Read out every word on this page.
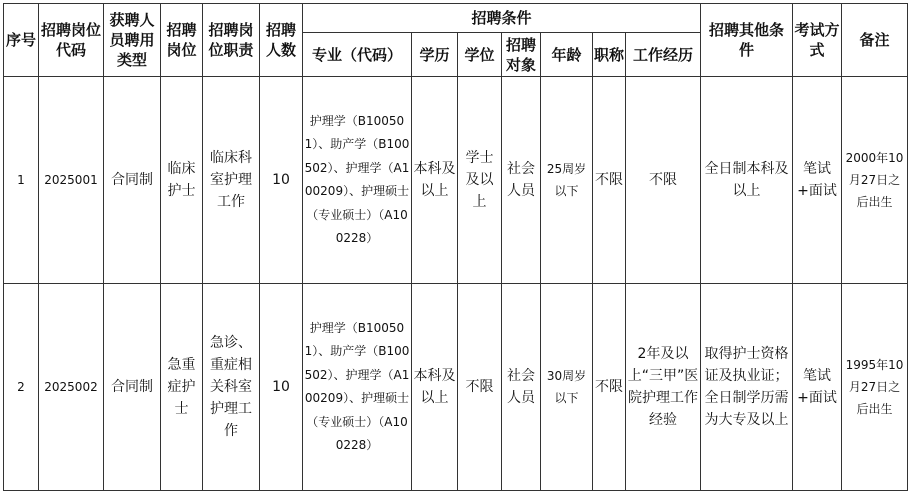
序号	招聘岗位代码	获聘人员聘用类型	招聘岗位	招聘岗位职责	招聘人数	招聘条件							招聘其他条件	考试方式	备注
						专业（代码）	学历	学位	招聘对象	年龄	职称	工作经历			
1	2025001	合同制	临床护士	临床科室护理工作	10	护理学（B100501）、助产学（B100502）、护理学（A100209）、护理硕士（专业硕士）（A100228）	本科及以上	学士及以上	社会人员	25周岁以下	不限	不限	全日制本科及以上	笔试+面试	2000年10月27日之后出生
2	2025002	合同制	急重症护士	急诊、重症相关科室护理工作	10	护理学（B100501）、助产学（B100502）、护理学（A100209）、护理硕士（专业硕士）（A100228）	本科及以上	不限	社会人员	30周岁以下	不限	2年及以上“三甲”医院护理工作经验	取得护士资格证及执业证；全日制学历需为大专及以上	笔试+面试	1995年10月27日之后出生
